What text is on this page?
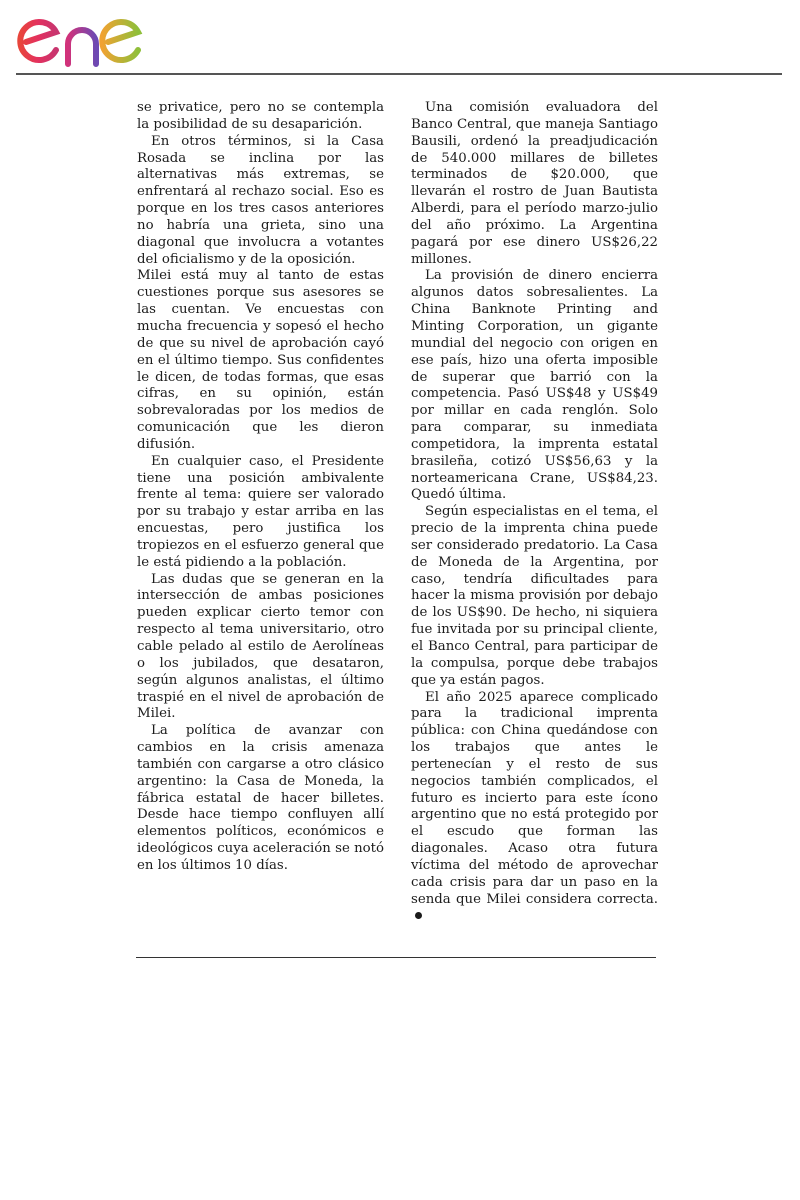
se privatice, pero no se contempla la posibilidad de su desaparición.

En otros términos, si la Casa Rosada se inclina por las alternativas más extremas, se enfrentará al rechazo social. Eso es porque en los tres casos anteriores no habría una grieta, sino una diagonal que involucra a votantes del oficialismo y de la oposición.

Milei está muy al tanto de estas cuestiones porque sus asesores se las cuentan. Ve encuestas con mucha frecuencia y sopesó el hecho de que su nivel de aprobación cayó en el último tiempo. Sus confidentes le dicen, de todas formas, que esas cifras, en su opinión, están sobrevaloradas por los medios de comunicación que les dieron difusión.

En cualquier caso, el Presidente tiene una posición ambivalente frente al tema: quiere ser valorado por su trabajo y estar arriba en las encuestas, pero justifica los tropiezos en el esfuerzo general que le está pidiendo a la población.

Las dudas que se generan en la intersección de ambas posiciones pueden explicar cierto temor con respecto al tema universitario, otro cable pelado al estilo de Aerolíneas o los jubilados, que desataron, según algunos analistas, el último traspié en el nivel de aprobación de Milei.

La política de avanzar con cambios en la crisis amenaza también con cargarse a otro clásico argentino: la Casa de Moneda, la fábrica estatal de hacer billetes. Desde hace tiempo confluyen allí elementos políticos, económicos e ideológicos cuya aceleración se notó en los últimos 10 días.

Una comisión evaluadora del Banco Central, que maneja Santiago Bausili, ordenó la preadjudicación de 540.000 millares de billetes terminados de $20.000, que llevarán el rostro de Juan Bautista Alberdi, para el período marzo-julio del año próximo. La Argentina pagará por ese dinero US$26,22 millones.

La provisión de dinero encierra algunos datos sobresalientes. La China Banknote Printing and Minting Corporation, un gigante mundial del negocio con origen en ese país, hizo una oferta imposible de superar que barrió con la competencia. Pasó US$48 y US$49 por millar en cada renglón. Solo para comparar, su inmediata competidora, la imprenta estatal brasileña, cotizó US$56,63 y la norteamericana Crane, US$84,23. Quedó última.

Según especialistas en el tema, el precio de la imprenta china puede ser considerado predatorio. La Casa de Moneda de la Argentina, por caso, tendría dificultades para hacer la misma provisión por debajo de los US$90. De hecho, ni siquiera fue invitada por su principal cliente, el Banco Central, para participar de la compulsa, porque debe trabajos que ya están pagos.

El año 2025 aparece complicado para la tradicional imprenta pública: con China quedándose con los trabajos que antes le pertenecían y el resto de sus negocios también complicados, el futuro es incierto para este ícono argentino que no está protegido por el escudo que forman las diagonales. Acaso otra futura víctima del método de aprovechar cada crisis para dar un paso en la senda que Milei considera correcta.
